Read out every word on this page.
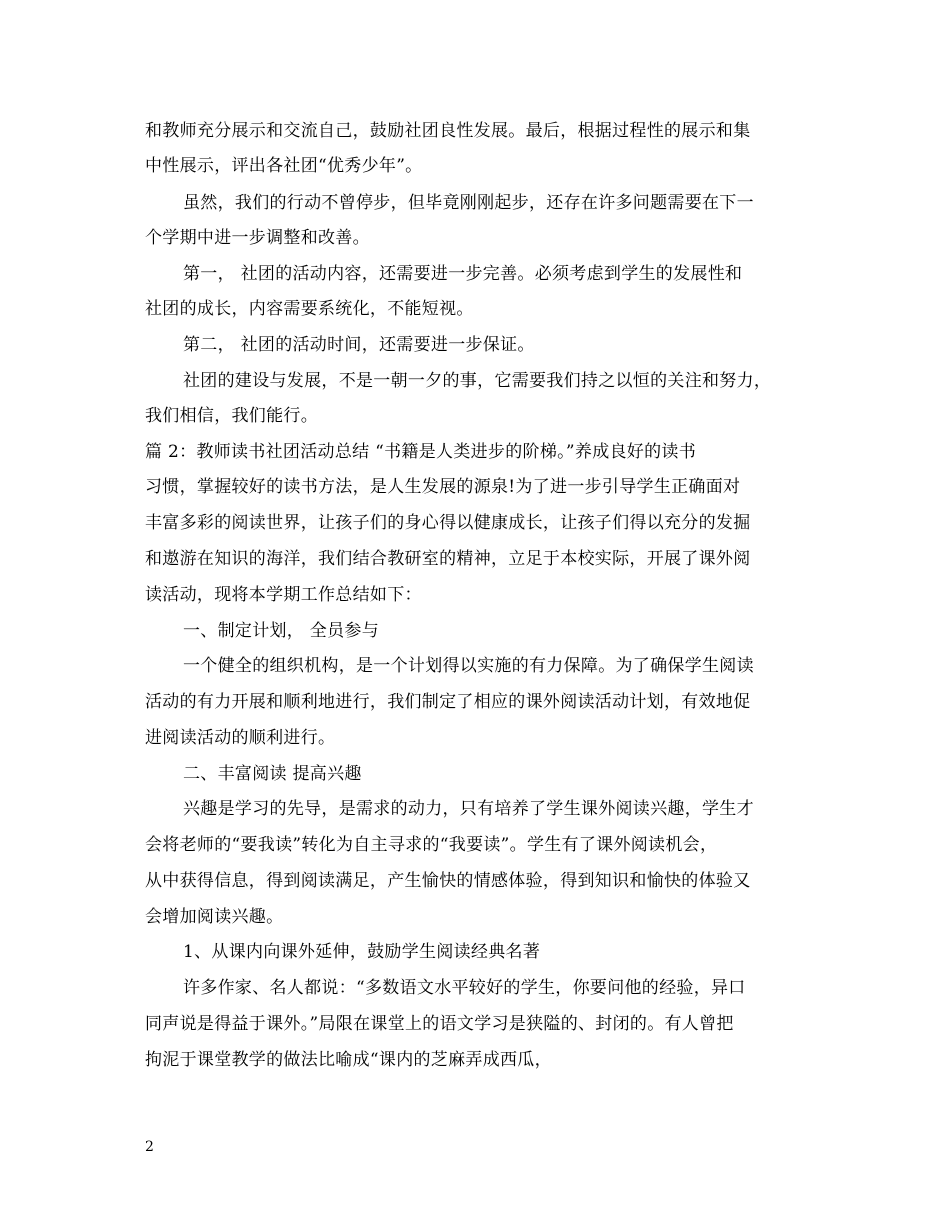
和教师充分展示和交流自己，鼓励社团良性发展。最后，根据过程性的展示和集
中性展示，评出各社团“优秀少年”。
虽然，我们的行动不曾停步，但毕竟刚刚起步，还存在许多问题需要在下一
个学期中进一步调整和改善。
第一， 社团的活动内容，还需要进一步完善。必须考虑到学生的发展性和
社团的成长，内容需要系统化，不能短视。
第二， 社团的活动时间，还需要进一步保证。
社团的建设与发展，不是一朝一夕的事，它需要我们持之以恒的关注和努力，
我们相信，我们能行。
篇 2：教师读书社团活动总结 “书籍是人类进步的阶梯。”养成良好的读书
习惯，掌握较好的读书方法，是人生发展的源泉!为了进一步引导学生正确面对
丰富多彩的阅读世界，让孩子们的身心得以健康成长，让孩子们得以充分的发掘
和遨游在知识的海洋，我们结合教研室的精神，立足于本校实际，开展了课外阅
读活动，现将本学期工作总结如下：
一、制定计划， 全员参与
一个健全的组织机构，是一个计划得以实施的有力保障。为了确保学生阅读
活动的有力开展和顺利地进行，我们制定了相应的课外阅读活动计划，有效地促
进阅读活动的顺利进行。
二、丰富阅读 提高兴趣
兴趣是学习的先导，是需求的动力，只有培养了学生课外阅读兴趣，学生才
会将老师的“要我读”转化为自主寻求的“我要读”。学生有了课外阅读机会，
从中获得信息，得到阅读满足，产生愉快的情感体验，得到知识和愉快的体验又
会增加阅读兴趣。
1、从课内向课外延伸，鼓励学生阅读经典名著
许多作家、名人都说：“多数语文水平较好的学生，你要问他的经验，异口
同声说是得益于课外。”局限在课堂上的语文学习是狭隘的、封闭的。有人曾把
拘泥于课堂教学的做法比喻成“课内的芝麻弄成西瓜，
2
